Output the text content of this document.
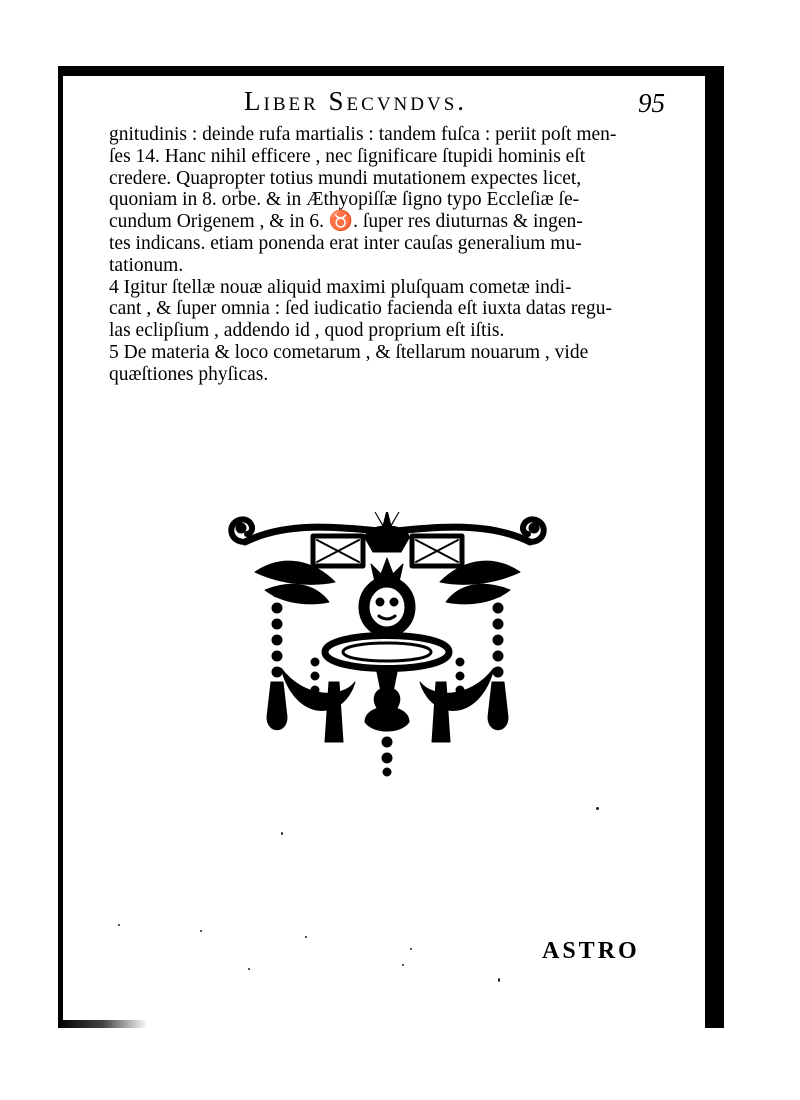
Liber Secvndvs.	95
gnitudinis : deinde rufa martialis : tandem fuſca : periit poſt men-
ſes 14. Hanc nihil efficere , nec ſignificare ſtupidi hominis eſt
credere. Quapropter totius mundi mutationem expectes licet,
quoniam in 8. orbe. & in Æthyopiſſæ ſigno typo Eccleſiæ ſe-
cundum Origenem , & in 6. ♉. ſuper res diuturnas & ingen-
tes indicans. etiam ponenda erat inter cauſas generalium mu-
tationum.
4 Igitur ſtellæ nouæ aliquid maximi pluſquam cometæ indi-
cant , & ſuper omnia : ſed iudicatio facienda eſt iuxta datas regu-
las eclipſium , addendo id , quod proprium eſt iſtis.
5 De materia & loco cometarum , & ſtellarum nouarum , vide
quæſtiones phyſicas.
ASTRO
